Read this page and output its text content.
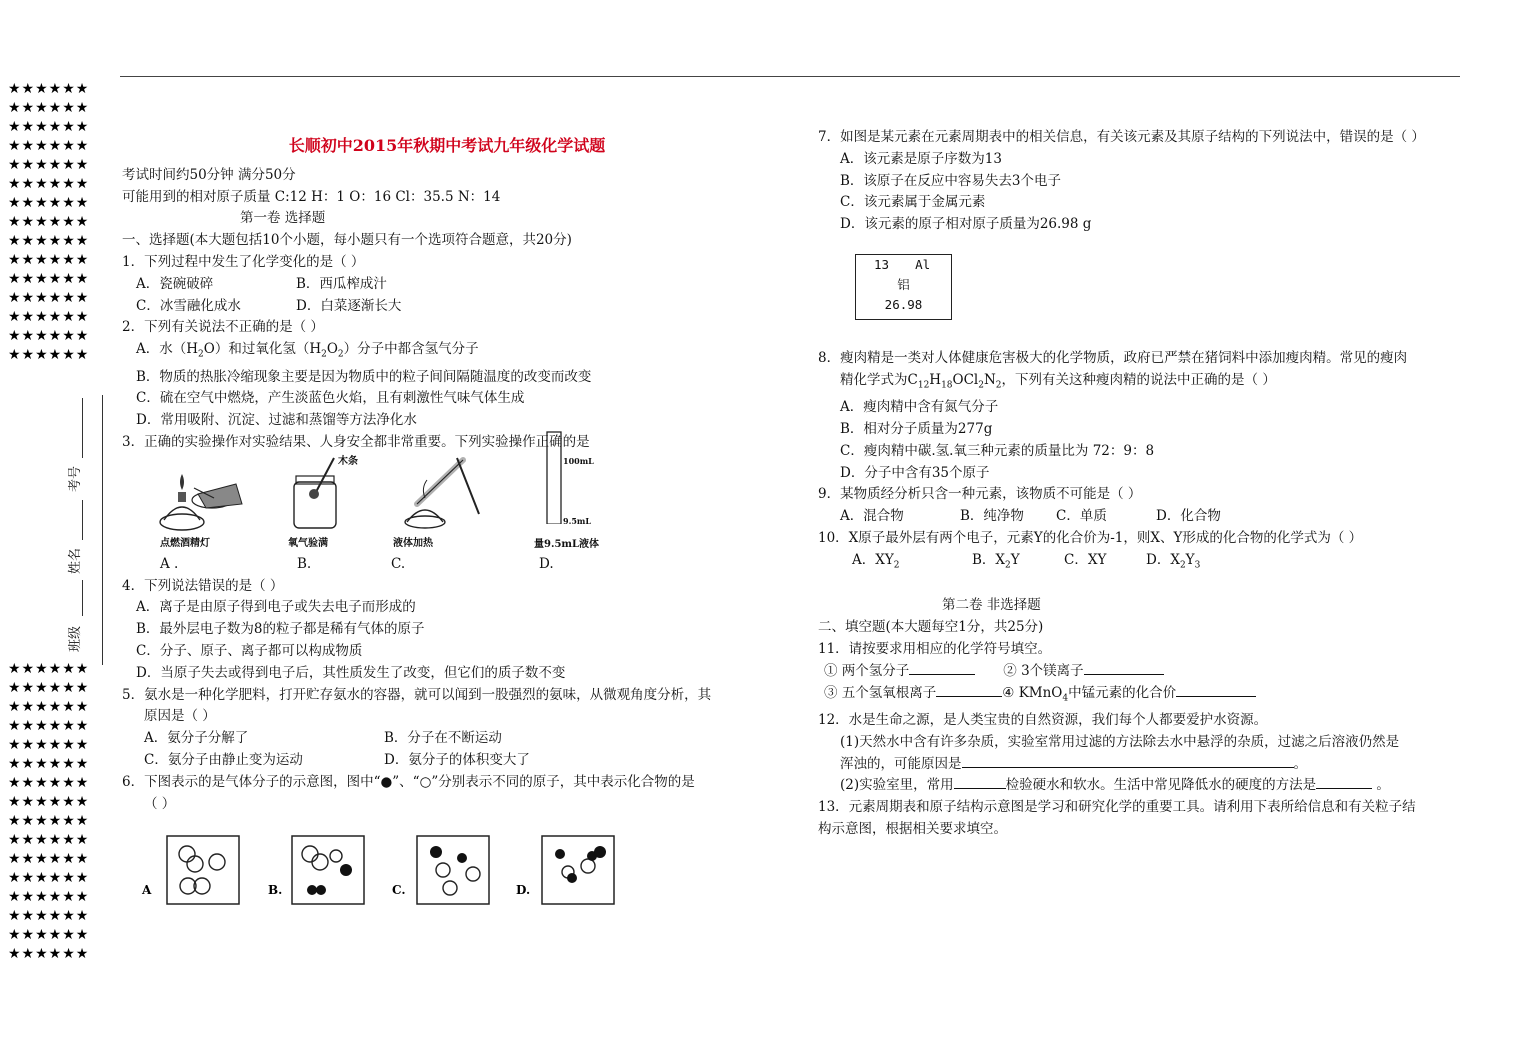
★★★★★★
★★★★★★
★★★★★★
★★★★★★
★★★★★★
★★★★★★
★★★★★★
★★★★★★
★★★★★★
★★★★★★
★★★★★★
★★★★★★
★★★★★★
★★★★★★
★★★★★★
★★★★★★
★★★★★★
★★★★★★
★★★★★★
★★★★★★
★★★★★★
★★★★★★
★★★★★★
★★★★★★
★★★★★★
★★★★★★
★★★★★★
★★★★★★
★★★★★★
★★★★★★
★★★★★★
考号
姓名
班级

长顺初中2015年秋期中考试九年级化学试题

考试时间约50分钟 满分50分

可能用到的相对原子质量 C:12 H：1 O：16 Cl：35.5 N：14

第一卷 选择题

一、选择题(本大题包括10个小题，每小题只有一个选项符合题意，共20分)

1．下列过程中发生了化学变化的是（ ）

A．瓷碗破碎	B．西瓜榨成汁

C．冰雪融化成水	D．白菜逐渐长大

2．下列有关说法不正确的是（ ）

A．水$(H_2O)$和过氧化氢$(H_2O_2)$分子中都含氢气分子

B．物质的热胀冷缩现象主要是因为物质中的粒子间间隔随温度的改变而改变

C．硫在空气中燃烧，产生淡蓝色火焰，且有刺激性气味气体生成

D．常用吸附、沉淀、过滤和蒸馏等方法净化水

3．正确的实验操作对实验结果、人身安全都非常重要。下列实验操作正确的是

点燃酒精灯
木条
氧气验满	液体加热
100mL
9.5mL
量9.5mL液体

A .	B.	C.	D.

4．下列说法错误的是（ ）

A．离子是由原子得到电子或失去电子而形成的

B．最外层电子数为8的粒子都是稀有气体的原子

C．分子、原子、离子都可以构成物质

D．当原子失去或得到电子后，其性质发生了改变，但它们的质子数不变

5．氨水是一种化学肥料，打开贮存氨水的容器，就可以闻到一股强烈的氨味，从微观角度分析，其

原因是（ ）

A．氨分子分解了	B．分子在不断运动

C．氨分子由静止变为运动	D．氨分子的体积变大了

6．下图表示的是气体分子的示意图，图中“●”、“○”分别表示不同的原子，其中表示化合物的是

（ ）

A	B.	C.	D.

7．如图是某元素在元素周期表中的相关信息，有关该元素及其原子结构的下列说法中，错误的是（ ）

A．该元素是原子序数为13

B．该原子在反应中容易失去3个电子

C．该元素属于金属元素

D．该元素的原子相对原子质量为26.98 g

13 Al
铝
26.98

8．瘦肉精是一类对人体健康危害极大的化学物质，政府已严禁在猪饲料中添加瘦肉精。常见的瘦肉

精化学式为$C_{12}H_{18}OCl_2N_2$，下列有关这种瘦肉精的说法中正确的是（ ）

A．瘦肉精中含有氮气分子

B．相对分子质量为277g

C．瘦肉精中碳.氢.氧三种元素的质量比为 72：9：8

D．分子中含有35个原子

9．某物质经分析只含一种元素，该物质不可能是（ ）

A．混合物	B．纯净物 C．单质	D．化合物

10．X原子最外层有两个电子，元素Y的化合价为-1，则X、Y形成的化合物的化学式为（ ）

A．$XY_2$	B．$X_2Y$	C．XY	D．$X_2Y_3$

第二卷 非选择题

二、填空题(本大题每空1分，共25分)

11．请按要求用相应的化学符号填空。

① 两个氢分子	② 3个镁离子

③ 五个氢氧根离子	④ KMnO$_4$中锰元素的化合价

12．水是生命之源，是人类宝贵的自然资源，我们每个人都要爱护水资源。

(1)天然水中含有许多杂质，实验室常用过滤的方法除去水中悬浮的杂质，过滤之后溶液仍然是

浑浊的，可能原因是	。

(2)实验室里，常用	检验硬水和软水。生活中常见降低水的硬度的方法是	。

13．元素周期表和原子结构示意图是学习和研究化学的重要工具。请利用下表所给信息和有关粒子结

构示意图，根据相关要求填空。
